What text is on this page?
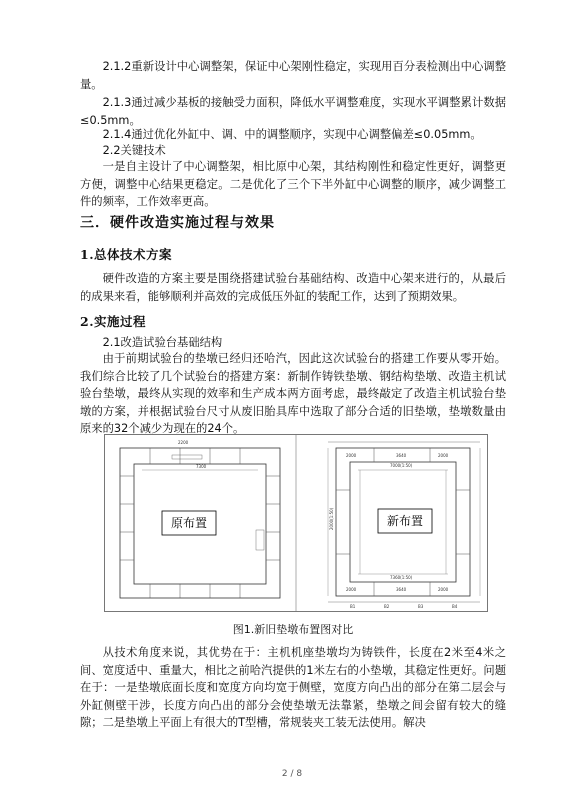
2.1.2重新设计中心调整架，保证中心架刚性稳定，实现用百分表检测出中心调整量。

2.1.3通过减少基板的接触受力面积，降低水平调整难度，实现水平调整累计数据≤0.5mm。

2.1.4通过优化外缸中、调、中的调整顺序，实现中心调整偏差≤0.05mm。

2.2关键技术

一是自主设计了中心调整架，相比原中心架，其结构刚性和稳定性更好，调整更方便，调整中心结果更稳定。二是优化了三个下半外缸中心调整的顺序，减少调整工件的频率，工作效率更高。

三．硬件改造实施过程与效果
1.总体技术方案

硬件改造的方案主要是围绕搭建试验台基础结构、改造中心架来进行的，从最后的成果来看，能够顺利并高效的完成低压外缸的装配工作，达到了预期效果。

2.实施过程

2.1改造试验台基础结构

由于前期试验台的垫墩已经归还哈汽，因此这次试验台的搭建工作要从零开始。我们综合比较了几个试验台的搭建方案：新制作铸铁垫墩、钢结构垫墩、改造主机试验台垫墩，最终从实现的效率和生产成本两方面考虑，最终敲定了改造主机试验台垫墩的方案，并根据试验台尺寸从废旧胎具库中选取了部分合适的旧垫墩，垫墩数量由原来的32个减少为现在的24个。

2200
7300
原布置
2000	3640	2000
2000	3640	2000
2000(1:50)
7000(1:50)
7360(1:50)
B1	B2	B3	B4
新布置
图1.新旧垫墩布置图对比

从技术角度来说，其优势在于：主机机座垫墩均为铸铁件，长度在2米至4米之间、宽度适中、重量大，相比之前哈汽提供的1米左右的小垫墩，其稳定性更好。问题在于：一是垫墩底面长度和宽度方向均宽于侧壁，宽度方向凸出的部分在第二层会与外缸侧壁干涉，长度方向凸出的部分会使垫墩无法靠紧，垫墩之间会留有较大的缝隙；二是垫墩上平面上有很大的T型槽，常规装夹工装无法使用。解决

2 / 8
